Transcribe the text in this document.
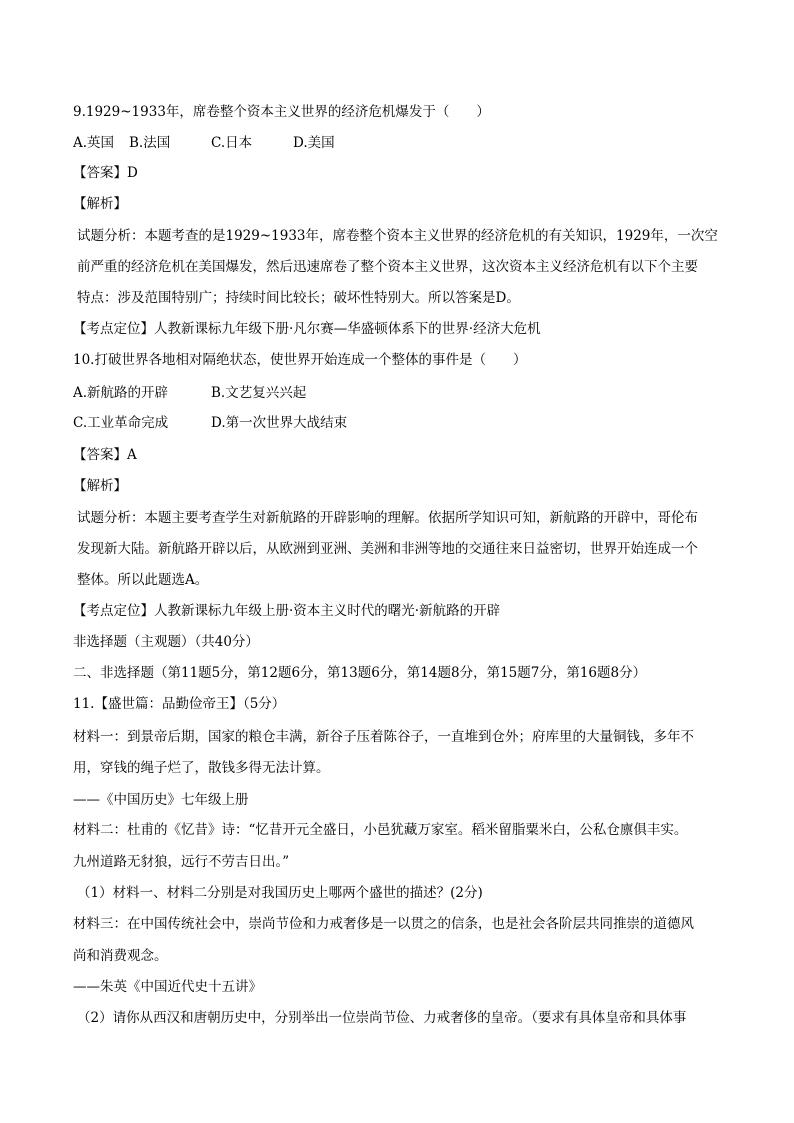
9.1929~1933年，席卷整个资本主义世界的经济危机爆发于（　　）
A.英国 B.法国	C.日本	D.美国
【答案】D
【解析】
试题分析：本题考查的是1929~1933年，席卷整个资本主义世界的经济危机的有关知识，1929年，一次空
前严重的经济危机在美国爆发，然后迅速席卷了整个资本主义世界，这次资本主义经济危机有以下个主要
特点：涉及范围特别广；持续时间比较长；破坏性特别大。所以答案是D。
【考点定位】人教新课标九年级下册·凡尔赛—华盛顿体系下的世界·经济大危机
10.打破世界各地相对隔绝状态，使世界开始连成一个整体的事件是（　　）
A.新航路的开辟	B.文艺复兴兴起
C.工业革命完成	D.第一次世界大战结束
【答案】A
【解析】
试题分析：本题主要考查学生对新航路的开辟影响的理解。依据所学知识可知，新航路的开辟中，哥伦布
发现新大陆。新航路开辟以后，从欧洲到亚洲、美洲和非洲等地的交通往来日益密切，世界开始连成一个
整体。所以此题选A。
【考点定位】人教新课标九年级上册·资本主义时代的曙光·新航路的开辟
非选择题（主观题）（共40分）
二、非选择题（第11题5分，第12题6分，第13题6分，第14题8分，第15题7分，第16题8分）
11.【盛世篇：品勤俭帝王】（5分）
材料一：到景帝后期，国家的粮仓丰满，新谷子压着陈谷子，一直堆到仓外；府库里的大量铜钱，多年不
用，穿钱的绳子烂了，散钱多得无法计算。
——《中国历史》七年级上册
材料二：杜甫的《忆昔》诗：“忆昔开元全盛日，小邑犹藏万家室。稻米留脂粟米白，公私仓廪俱丰实。
九州道路无豺狼，远行不劳吉日出。”
（1）材料一、材料二分别是对我国历史上哪两个盛世的描述？(2分)
材料三：在中国传统社会中，崇尚节俭和力戒奢侈是一以贯之的信条，也是社会各阶层共同推崇的道德风
尚和消费观念。
——朱英《中国近代史十五讲》
（2）请你从西汉和唐朝历史中，分别举出一位崇尚节俭、力戒奢侈的皇帝。（要求有具体皇帝和具体事
